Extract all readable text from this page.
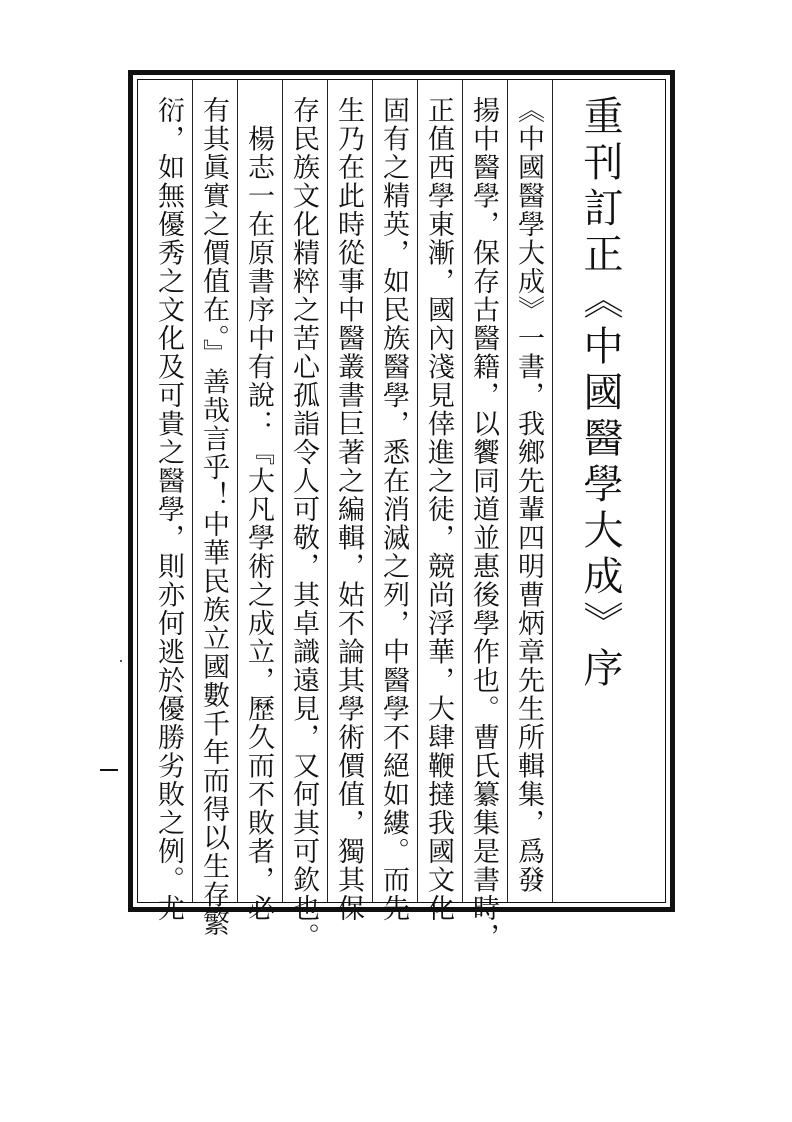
重刊訂正《中國醫學大成》序
《中國醫學大成》一書，我鄉先輩四明曹炳章先生所輯集，爲發
揚中醫學，保存古醫籍，以饗同道並惠後學作也。曹氏纂集是書時，
正值西學東漸，國內淺見倖進之徒，競尚浮華，大肆鞭撻我國文化
固有之精英，如民族醫學，悉在消滅之列，中醫學不絕如縷。而先
生乃在此時從事中醫叢書巨著之編輯，姑不論其學術價值，獨其保
存民族文化精粹之苦心孤詣令人可敬，其卓識遠見，又何其可欽也。
　楊志一在原書序中有說：『大凡學術之成立，歷久而不敗者，必
有其眞實之價值在。』善哉言乎！中華民族立國數千年而得以生存繁
衍，如無優秀之文化及可貴之醫學，則亦何逃於優勝劣敗之例。尤
